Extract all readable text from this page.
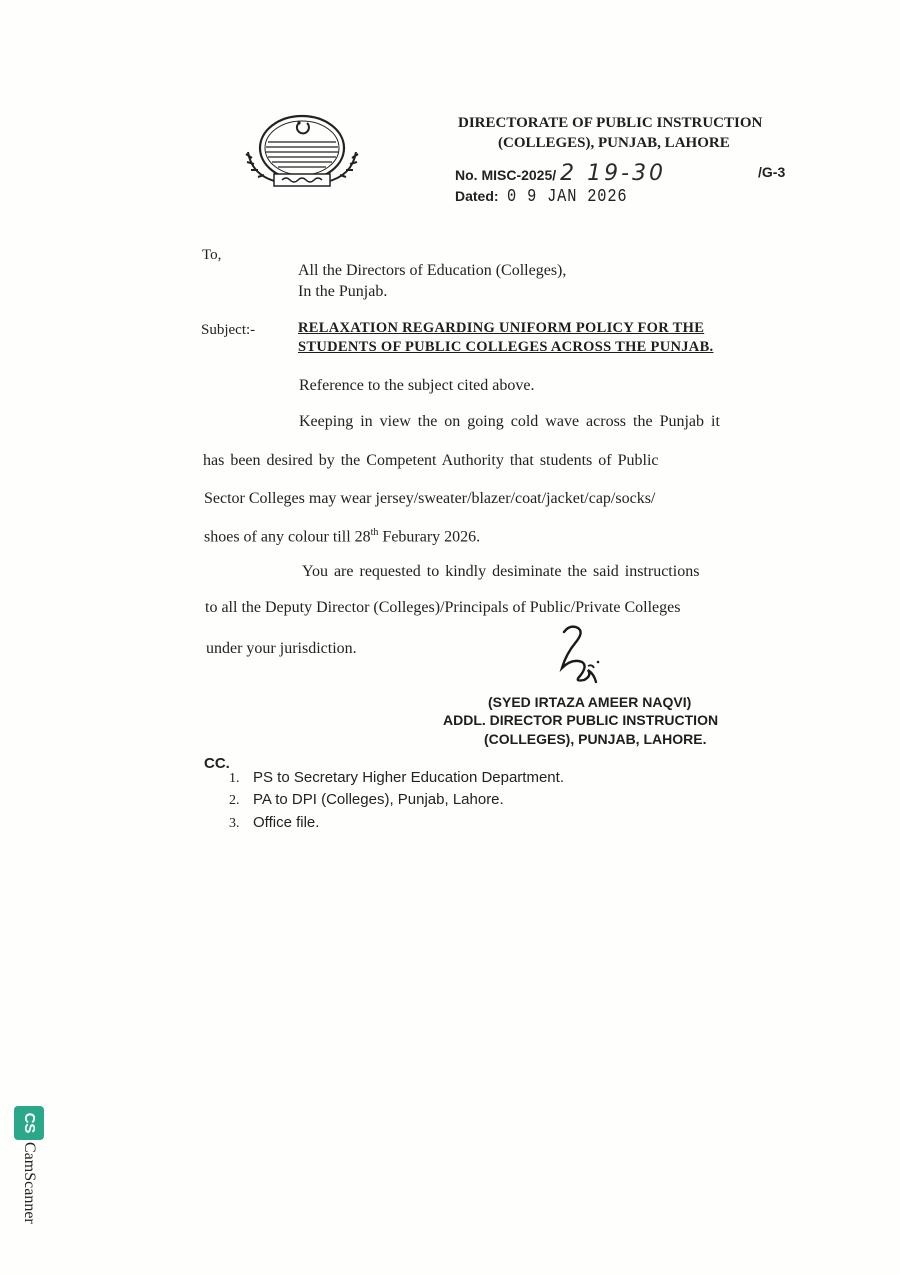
DIRECTORATE OF PUBLIC INSTRUCTION
(COLLEGES), PUNJAB, LAHORE
No. MISC-2025/ 2 19-30	/G-3
Dated: 0 9 JAN 2026
To,
All the Directors of Education (Colleges),
In the Punjab.
Subject:-	RELAXATION REGARDING UNIFORM POLICY FOR THE
STUDENTS OF PUBLIC COLLEGES ACROSS THE PUNJAB.
Reference to the subject cited above.
Keeping in view the on going cold wave across the Punjab it
has been desired by the Competent Authority that students of Public
Sector Colleges may wear jersey/sweater/blazer/coat/jacket/cap/socks/
shoes of any colour till 28th Feburary 2026.
You are requested to kindly desiminate the said instructions
to all the Deputy Director (Colleges)/Principals of Public/Private Colleges
under your jurisdiction.
(SYED IRTAZA AMEER NAQVI)
ADDL. DIRECTOR PUBLIC INSTRUCTION
(COLLEGES), PUNJAB, LAHORE.
CC.
1. PS to Secretary Higher Education Department.
2. PA to DPI (Colleges), Punjab, Lahore.
3. Office file.
CS
CamScanner
